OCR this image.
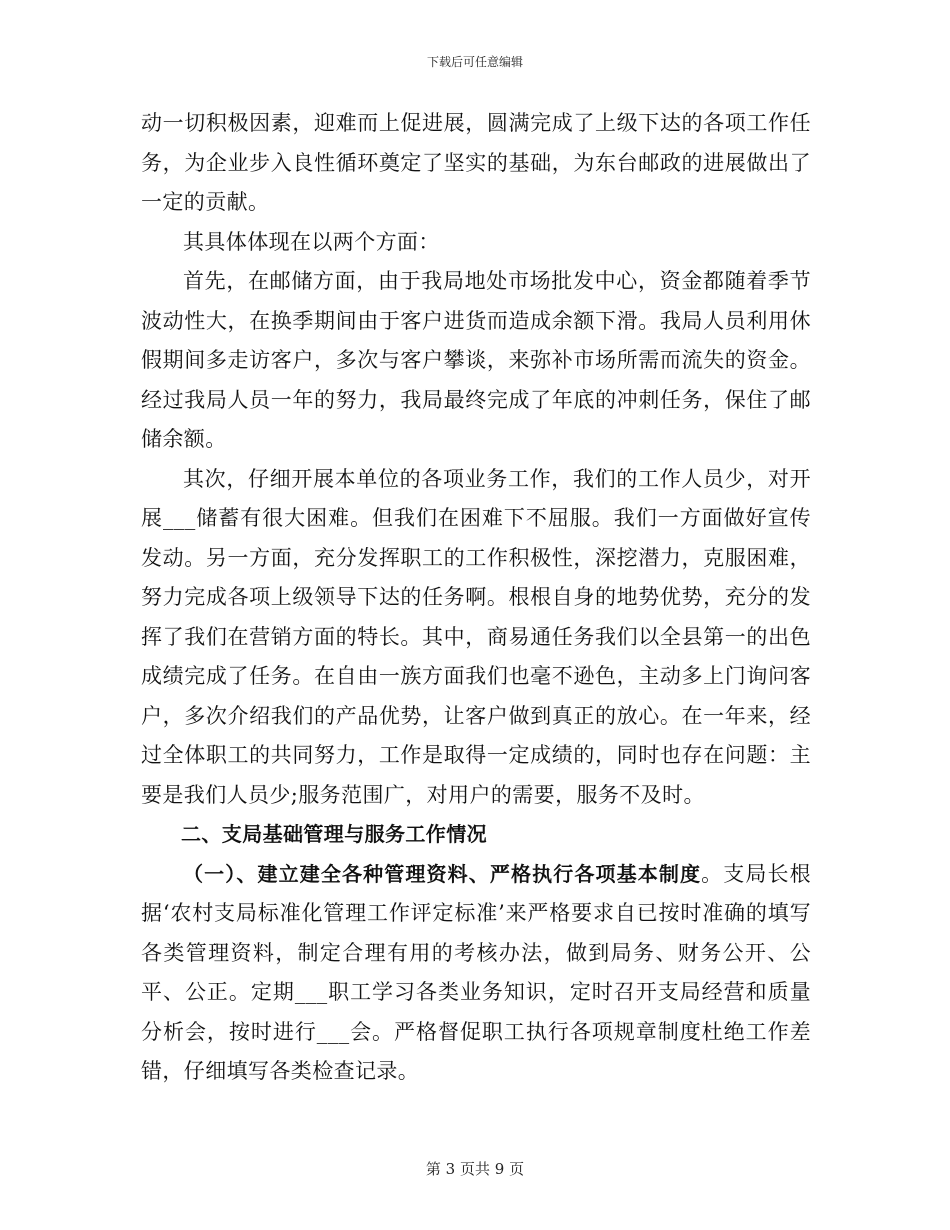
下载后可任意编辑

动一切积极因素，迎难而上促进展，圆满完成了上级下达的各项工作任务，为企业步入良性循环奠定了坚实的基础，为东台邮政的进展做出了一定的贡献。

其具体体现在以两个方面：

首先，在邮储方面，由于我局地处市场批发中心，资金都随着季节波动性大，在换季期间由于客户进货而造成余额下滑。我局人员利用休假期间多走访客户，多次与客户攀谈，来弥补市场所需而流失的资金。经过我局人员一年的努力，我局最终完成了年底的冲刺任务，保住了邮储余额。

其次，仔细开展本单位的各项业务工作，我们的工作人员少，对开展___储蓄有很大困难。但我们在困难下不屈服。我们一方面做好宣传发动。另一方面，充分发挥职工的工作积极性，深挖潜力，克服困难，努力完成各项上级领导下达的任务啊。根根自身的地势优势，充分的发挥了我们在营销方面的特长。其中，商易通任务我们以全县第一的出色成绩完成了任务。在自由一族方面我们也毫不逊色，主动多上门询问客户，多次介绍我们的产品优势，让客户做到真正的放心。在一年来，经过全体职工的共同努力，工作是取得一定成绩的，同时也存在问题：主要是我们人员少;服务范围广，对用户的需要，服务不及时。

二、支局基础管理与服务工作情况

（一）、建立建全各种管理资料、严格执行各项基本制度。支局长根据‘农村支局标准化管理工作评定标准’来严格要求自已按时准确的填写各类管理资料，制定合理有用的考核办法，做到局务、财务公开、公平、公正。定期___职工学习各类业务知识，定时召开支局经营和质量分析会，按时进行___会。严格督促职工执行各项规章制度杜绝工作差错，仔细填写各类检查记录。

第 3 页共 9 页
